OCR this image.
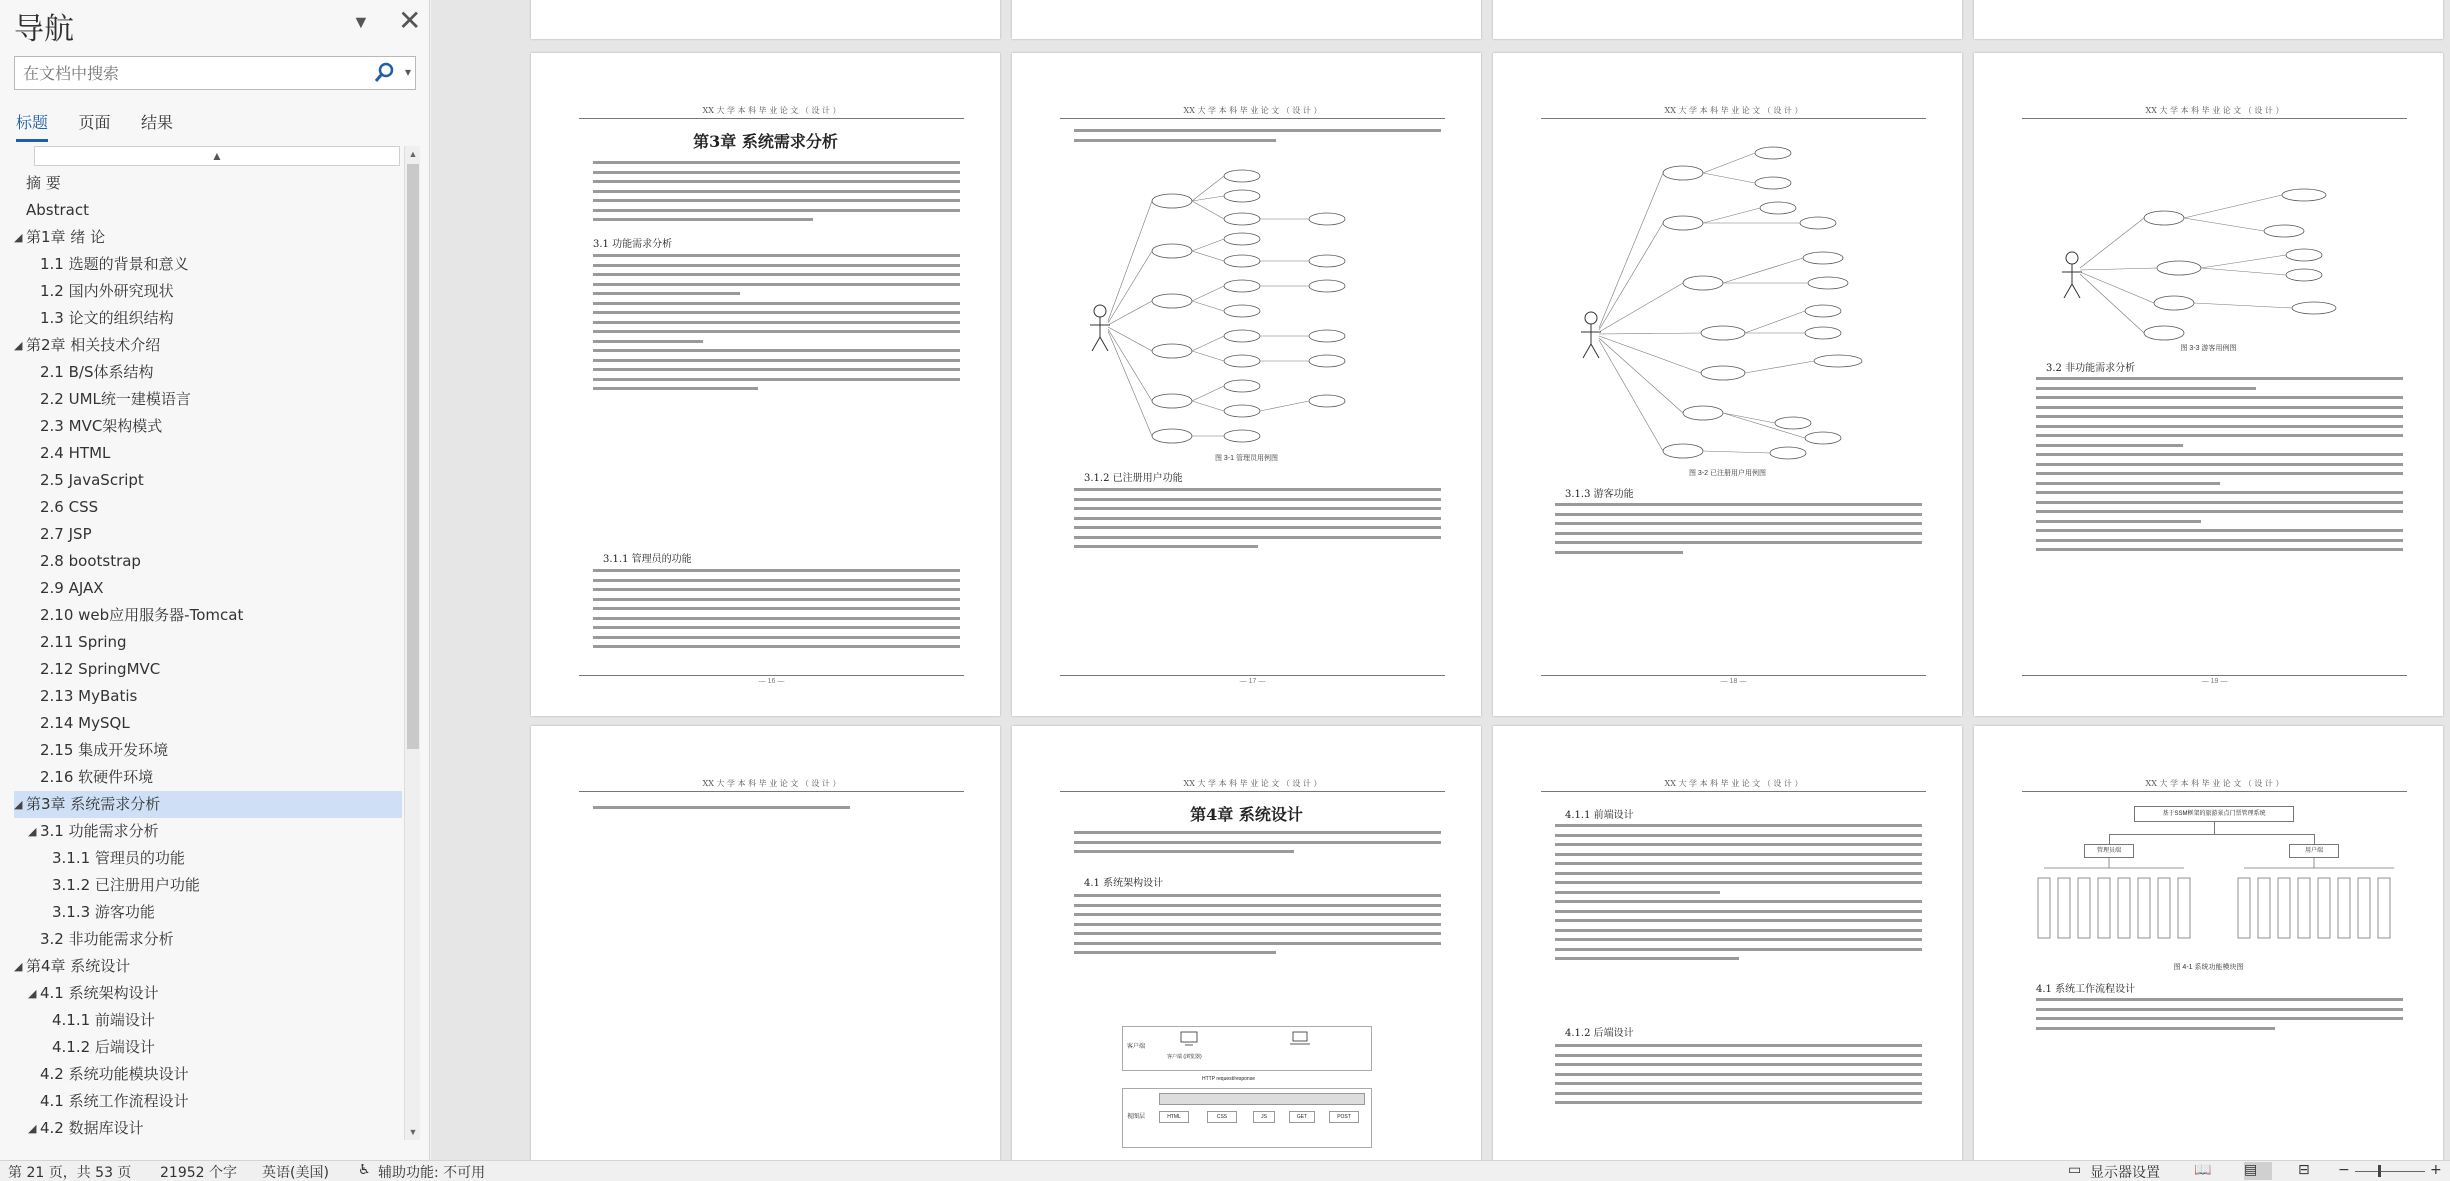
导航	▼ ✕
在文档中搜索
▾
标题 页面 结果
▲
摘 要
Abstract
◢ 第1章 绪 论
1.1 选题的背景和意义
1.2 国内外研究现状
1.3 论文的组织结构
◢ 第2章 相关技术介绍
2.1 B/S体系结构
2.2 UML统一建模语言
2.3 MVC架构模式
2.4 HTML
2.5 JavaScript
2.6 CSS
2.7 JSP
2.8 bootstrap
2.9 AJAX
2.10 web应用服务器-Tomcat
2.11 Spring
2.12 SpringMVC
2.13 MyBatis
2.14 MySQL
2.15 集成开发环境
2.16 软硬件环境
◢ 第3章 系统需求分析
◢ 3.1 功能需求分析
3.1.1 管理员的功能
3.1.2 已注册用户功能
3.1.3 游客功能
3.2 非功能需求分析
◢ 第4章 系统设计
◢ 4.1 系统架构设计
4.1.1 前端设计
4.1.2 后端设计
4.2 系统功能模块设计
4.1 系统工作流程设计
◢ 4.2 数据库设计
▲
▼
XX 大 学 本 科 毕 业 论 文 （ 设 计 ）
第3章 系统需求分析
3.1 功能需求分析
3.1.1 管理员的功能
— 16 —
XX 大 学 本 科 毕 业 论 文 （ 设 计 ）
图 3-1 管理员用例图
3.1.2 已注册用户功能
— 17 —
XX 大 学 本 科 毕 业 论 文 （ 设 计 ）
图 3-2 已注册用户用例图
3.1.3 游客功能
— 18 —
XX 大 学 本 科 毕 业 论 文 （ 设 计 ）
图 3-3 游客用例图
3.2 非功能需求分析
— 19 —
XX 大 学 本 科 毕 业 论 文 （ 设 计 ）	XX 大 学 本 科 毕 业 论 文 （ 设 计 ）
第4章 系统设计
4.1 系统架构设计
客户端
客户端 (浏览器)
HTTP request/response
视图层	HTML	CSS	JS	GET	POST
XX 大 学 本 科 毕 业 论 文 （ 设 计 ）
4.1.1 前端设计
4.1.2 后端设计
XX 大 学 本 科 毕 业 论 文 （ 设 计 ）
基于SSM框架的旅游景点门票管理系统
管理员端	用户端
图 4-1 系统功能模块图
4.1 系统工作流程设计
第 21 页，共 53 页 21952 个字 英语(美国) ♿ 辅助功能: 不可用	▭ 显示器设置 📖 ▤	⊟ −	+
